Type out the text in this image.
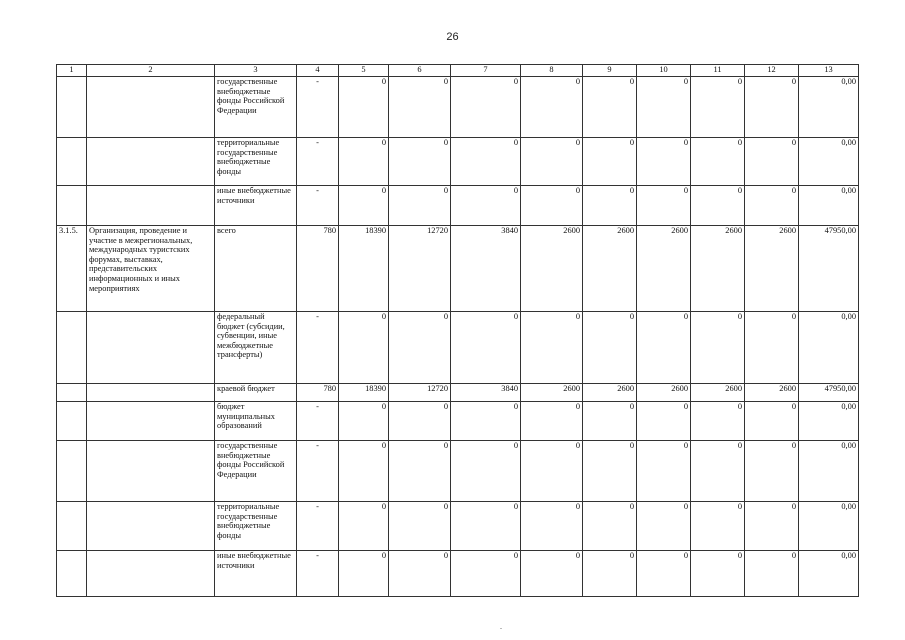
26
1	2	3	4	5	6	7	8	9	10	11	12	13
		государственные внебюджетные фонды Российской Федерации	-	0	0	0	0	0	0	0	0	0,00
		территориальные государственные внебюджетные фонды	-	0	0	0	0	0	0	0	0	0,00
		иные внебюджетные источники	-	0	0	0	0	0	0	0	0	0,00
3.1.5.	Организация, проведение и участие в межрегиональных, международных туристских форумах, выставках, представительских информационных и иных мероприятиях	всего	780	18390	12720	3840	2600	2600	2600	2600	2600	47950,00
		федеральный бюджет (субсидии, субвенции, иные межбюджетные трансферты)	-	0	0	0	0	0	0	0	0	0,00
		краевой бюджет	780	18390	12720	3840	2600	2600	2600	2600	2600	47950,00
		бюджет муниципальных образований	-	0	0	0	0	0	0	0	0	0,00
		государственные внебюджетные фонды Российской Федерации	-	0	0	0	0	0	0	0	0	0,00
		территориальные государственные внебюджетные фонды	-	0	0	0	0	0	0	0	0	0,00
		иные внебюджетные источники	-	0	0	0	0	0	0	0	0	0,00
